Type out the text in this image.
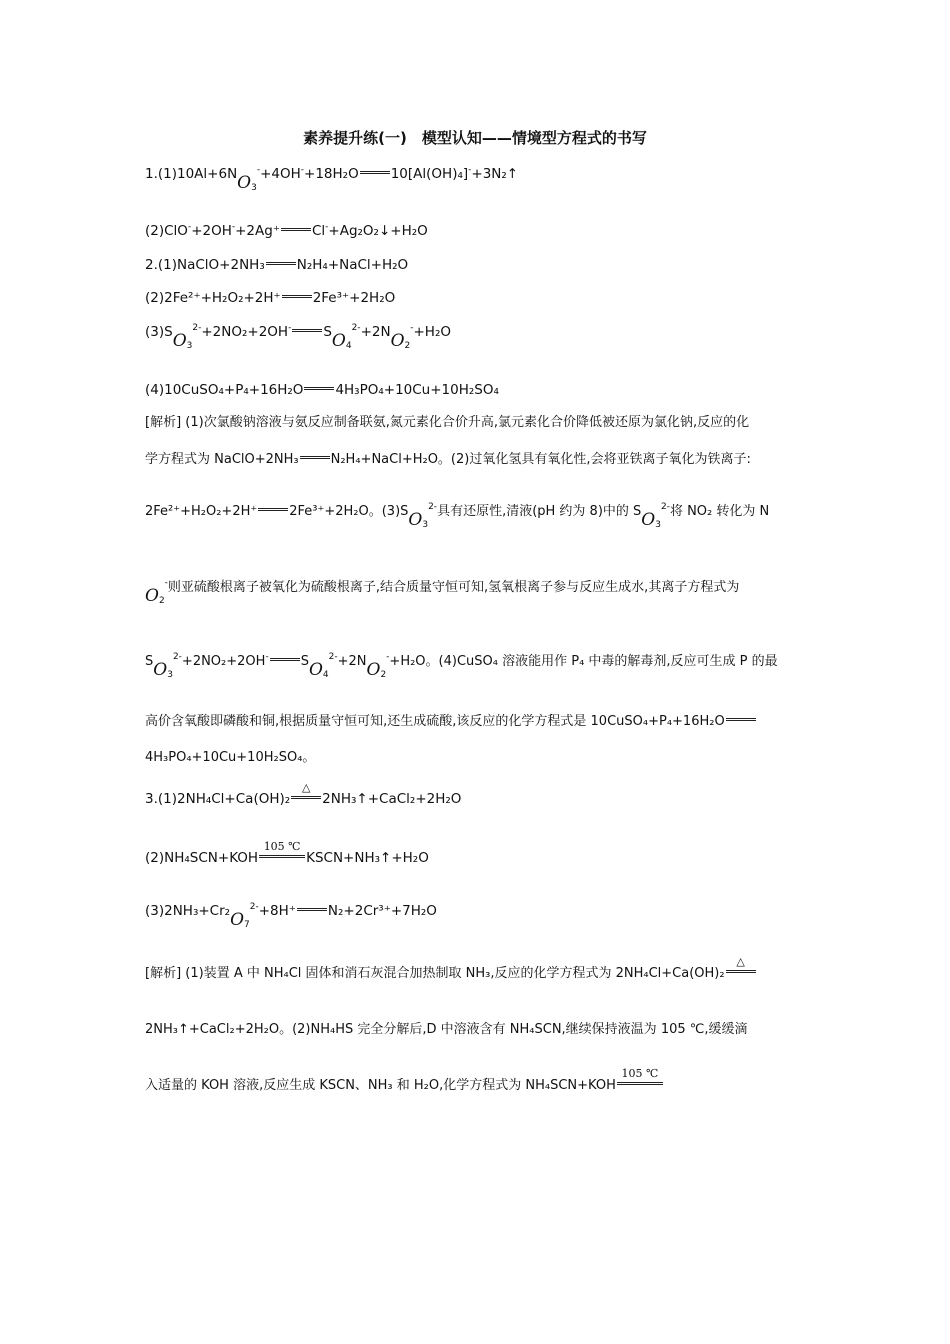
素养提升练(一)　模型认知——情境型方程式的书写
$1.(1)10Al+6NO_3^-+4OH^-+18H_2O$ 10[Al(OH)₄]-+3N₂↑
(2)ClO-+2OH-+2Ag⁺ Cl-+Ag₂O₂↓+H₂O
2.(1)NaClO+2NH₃ N₂H₄+NaCl+H₂O
(2)2Fe²⁺+H₂O₂+2H⁺ 2Fe³⁺+2H₂O
$(3)SO_3^{2-}+2NO_2+2OH^-$ $SO_4^{2-}+2NO_2^-+H_2O$
(4)10CuSO₄+P₄+16H₂O 4H₃PO₄+10Cu+10H₂SO₄
[解析] (1)次氯酸钠溶液与氨反应制备联氨,氮元素化合价升高,氯元素化合价降低被还原为氯化钠,反应的化
学方程式为 NaClO+2NH₃ N₂H₄+NaCl+H₂O。(2)过氧化氢具有氧化性,会将亚铁离子氧化为铁离子:
2Fe²⁺+H₂O₂+2H⁺ 2Fe³⁺+2H₂O。$(3)SO_3^{2-}$具有还原性,清液(pH 约为 8)中的 $SO_3^{2-}$将 NO₂ 转化为 N
$O_2^-$则亚硫酸根离子被氧化为硫酸根离子,结合质量守恒可知,氢氧根离子参与反应生成水,其离子方程式为
$SO_3^{2-}+2NO_2+2OH^-$ $SO_4^{2-}+2NO_2^-+H_2O$。(4)CuSO₄ 溶液能用作 P₄ 中毒的解毒剂,反应可生成 P 的最
高价含氧酸即磷酸和铜,根据质量守恒可知,还生成硫酸,该反应的化学方程式是 10CuSO₄+P₄+16H₂O
4H₃PO₄+10Cu+10H₂SO₄。
3.(1)2NH₄Cl+Ca(OH)₂
△
2NH₃↑+CaCl₂+2H₂O
(2)NH₄SCN+KOH
105 ℃
KSCN+NH₃↑+H₂O
$(3)2NH_3+Cr_2O_7^{2-}+8H^+$ N₂+2Cr³⁺+7H₂O
[解析] (1)装置 A 中 NH₄Cl 固体和消石灰混合加热制取 NH₃,反应的化学方程式为 2NH₄Cl+Ca(OH)₂
△
2NH₃↑+CaCl₂+2H₂O。(2)NH₄HS 完全分解后,D 中溶液含有 NH₄SCN,继续保持液温为 105 ℃,缓缓滴
入适量的 KOH 溶液,反应生成 KSCN、NH₃ 和 H₂O,化学方程式为 NH₄SCN+KOH
105 ℃
